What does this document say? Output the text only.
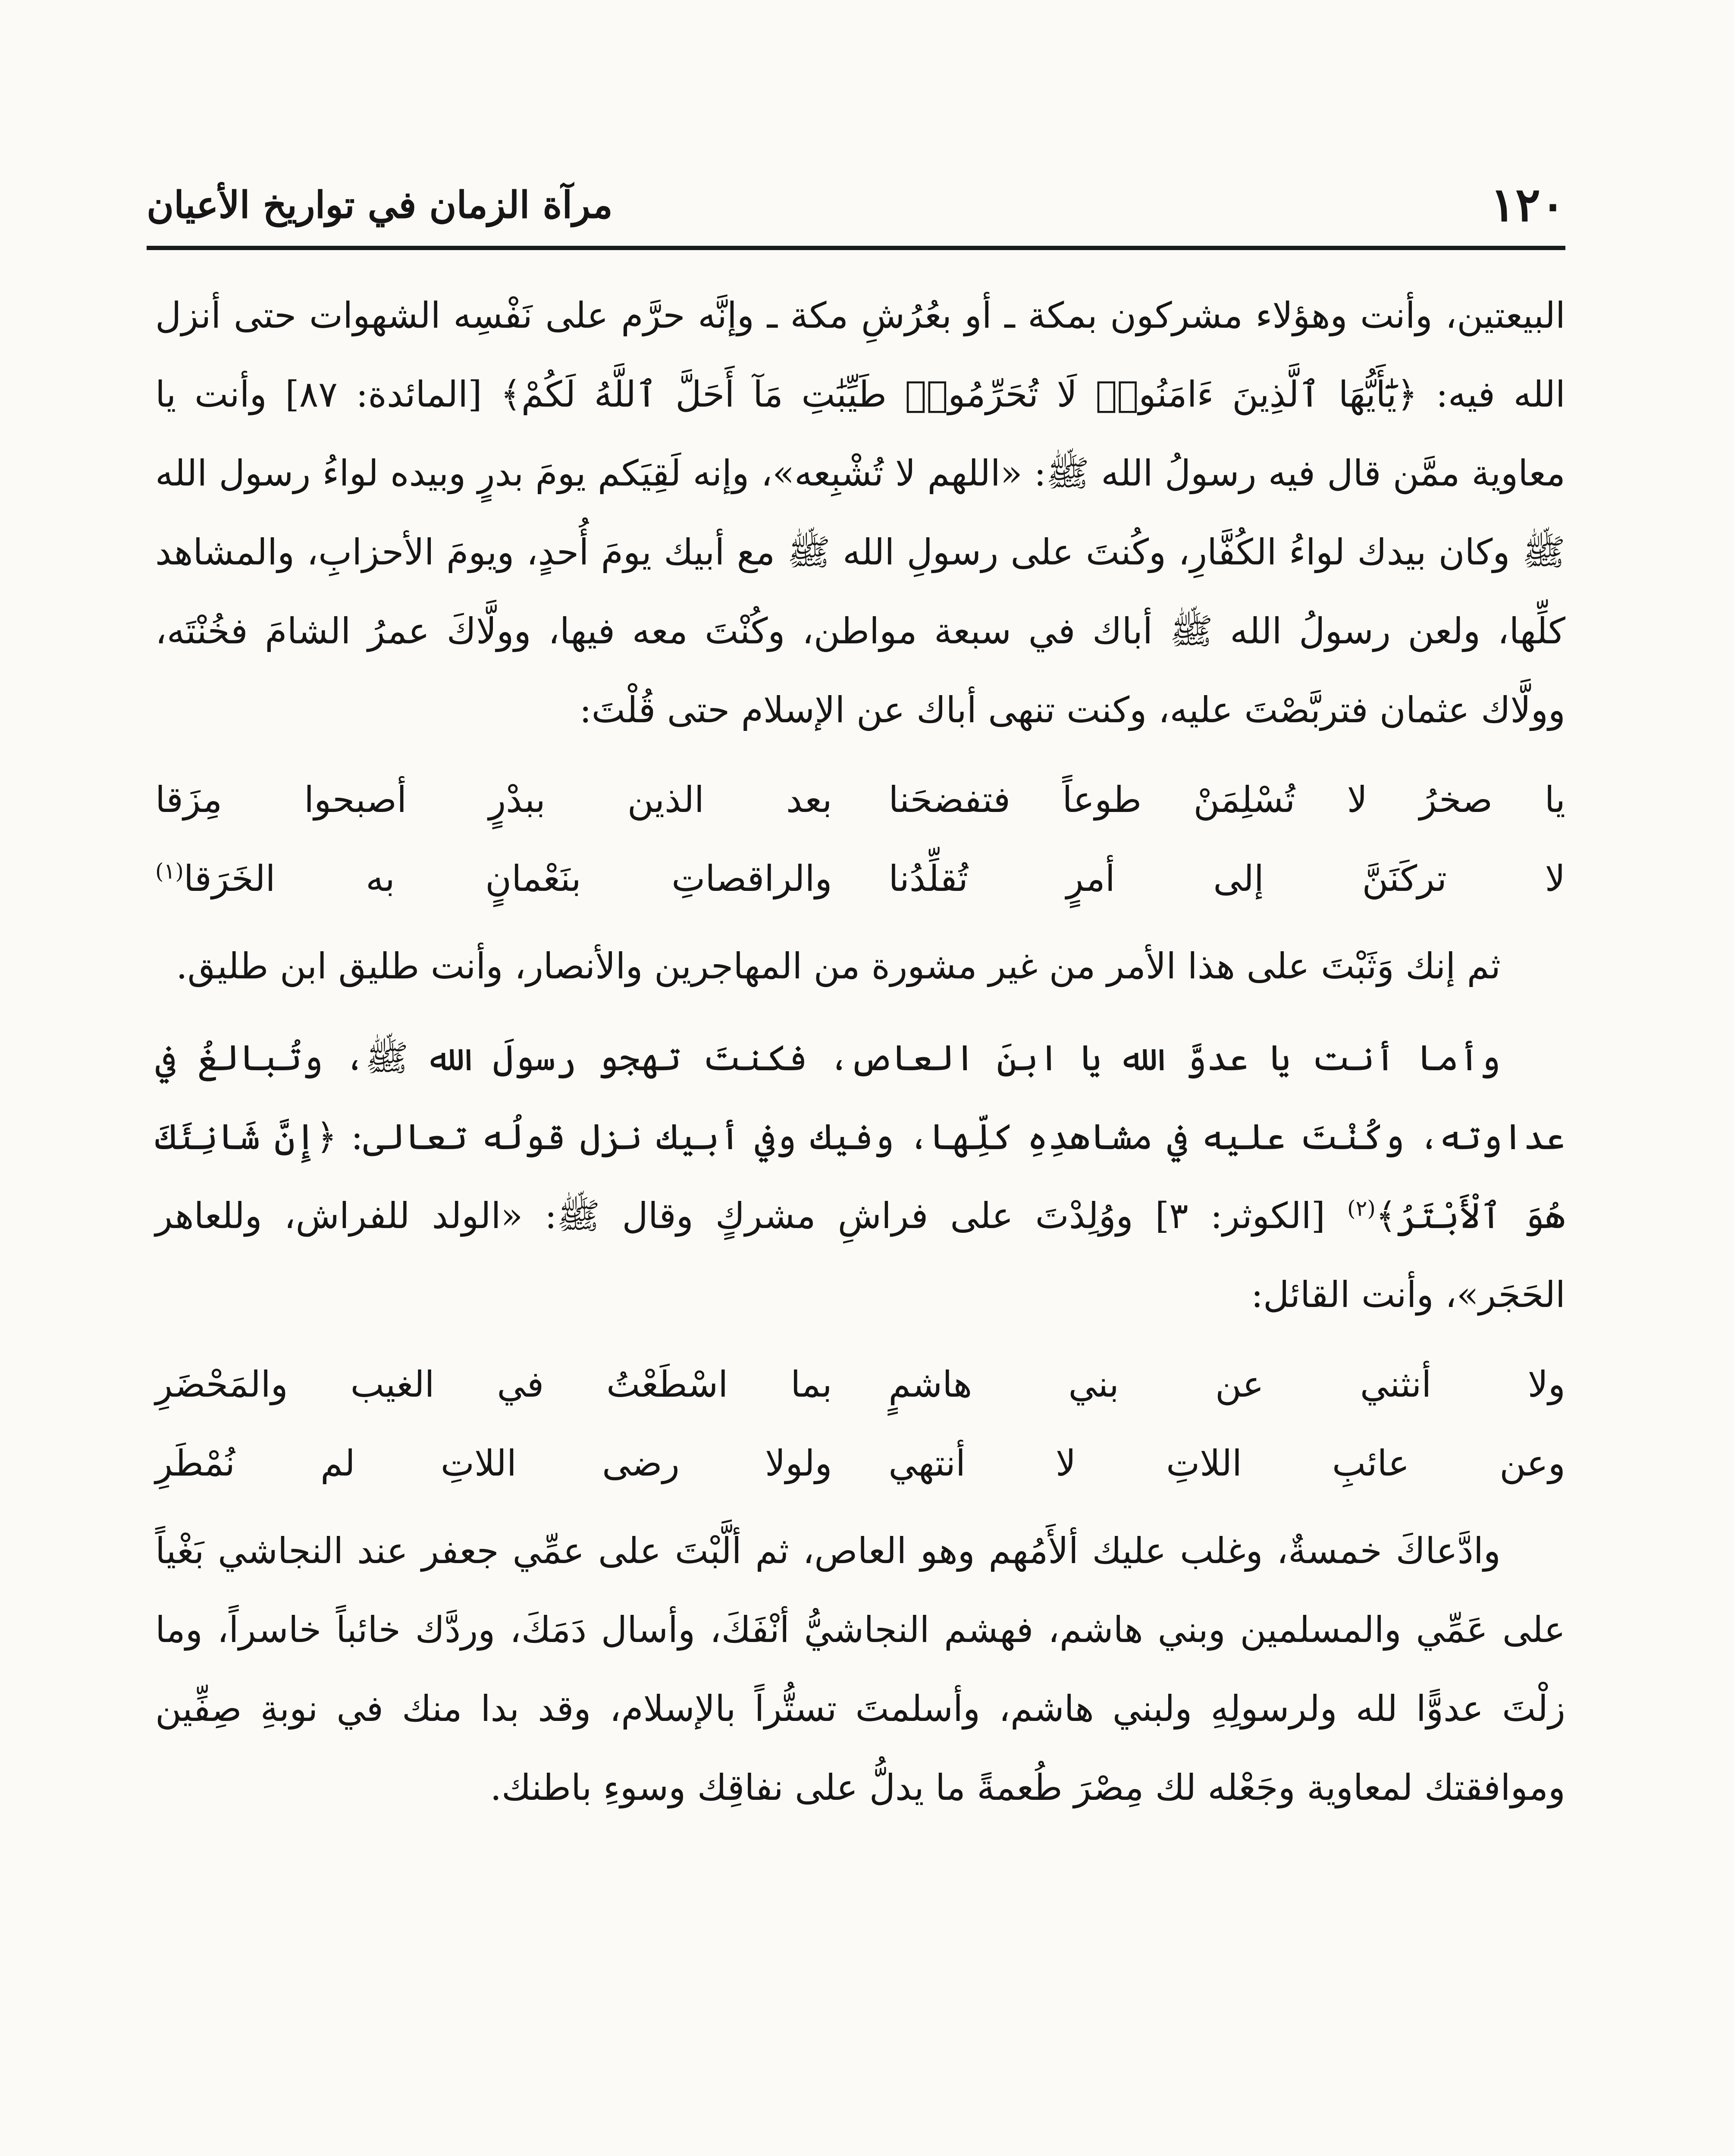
١٢٠
مرآة الزمان في تواريخ الأعيان

البيعتين، وأنت وهؤلاء مشركون بمكة ـ أو بعُرُشِ مكة ـ وإنَّه حرَّم على نَفْسِه الشهوات حتى أنزل الله فيه: ﴿يَٰٓأَيُّهَا ٱلَّذِينَ ءَامَنُوا۟ لَا تُحَرِّمُوا۟ طَيِّبَٰتِ مَآ أَحَلَّ ٱللَّهُ لَكُمْ﴾ [المائدة: ٨٧] وأنت يا معاوية ممَّن قال فيه رسولُ الله ﷺ: «اللهم لا تُشْبِعه»، وإنه لَقِيَكم يومَ بدرٍ وبيده لواءُ رسول الله ﷺ وكان بيدك لواءُ الكُفَّارِ، وكُنتَ على رسولِ الله ﷺ مع أبيك يومَ أُحدٍ، ويومَ الأحزابِ، والمشاهد كلِّها، ولعن رسولُ الله ﷺ أباك في سبعة مواطن، وكُنْتَ معه فيها، وولَّاكَ عمرُ الشامَ فخُنْتَه، وولَّاك عثمان فتربَّصْتَ عليه، وكنت تنهى أباك عن الإسلام حتى قُلْتَ:

يا صخرُ لا تُسْلِمَنْ طوعاً فتفضحَنا
بعد الذين ببدْرٍ أصبحوا مِزَقا
لا تركَنَنَّ إلى أمرٍ تُقلِّدُنا
والراقصاتِ بنَعْمانٍ به الخَرَقا$^{(١)}$

ثم إنك وَثَبْتَ على هذا الأمر من غير مشورة من المهاجرين والأنصار، وأنت طليق ابن طليق.

وأما أنت يا عدوَّ الله يا ابنَ العاص، فكنتَ تهجو رسولَ الله ﷺ، وتُبالغُ في عداوته، وكُنْتَ عليه في مشاهدِهِ كلِّها، وفيك وفي أبيك نزل قولُه تعالى: ﴿إِنَّ شَانِئَكَ هُوَ ٱلْأَبْتَرُ﴾$^{(٢)}$ [الكوثر: ٣] ووُلِدْتَ على فراشِ مشركٍ وقال ﷺ: «الولد للفراش، وللعاهر الحَجَر»، وأنت القائل:

ولا أنثني عن بني هاشمٍ
بما اسْطَعْتُ في الغيب والمَحْضَرِ
وعن عائبِ اللاتِ لا أنتهي
ولولا رضى اللاتِ لم نُمْطَرِ

وادَّعاكَ خمسةٌ، وغلب عليك ألأَمُهم وهو العاص، ثم ألَّبْتَ على عمِّي جعفر عند النجاشي بَغْياً على عَمِّي والمسلمين وبني هاشم، فهشم النجاشيُّ أنْفَكَ، وأسال دَمَكَ، وردَّك خائباً خاسراً، وما زلْتَ عدوًّا لله ولرسولِهِ ولبني هاشم، وأسلمتَ تستُّراً بالإسلام، وقد بدا منك في نوبةِ صِفِّين وموافقتك لمعاوية وجَعْله لك مِصْرَ طُعمةً ما يدلُّ على نفاقِك وسوءِ باطنك.
